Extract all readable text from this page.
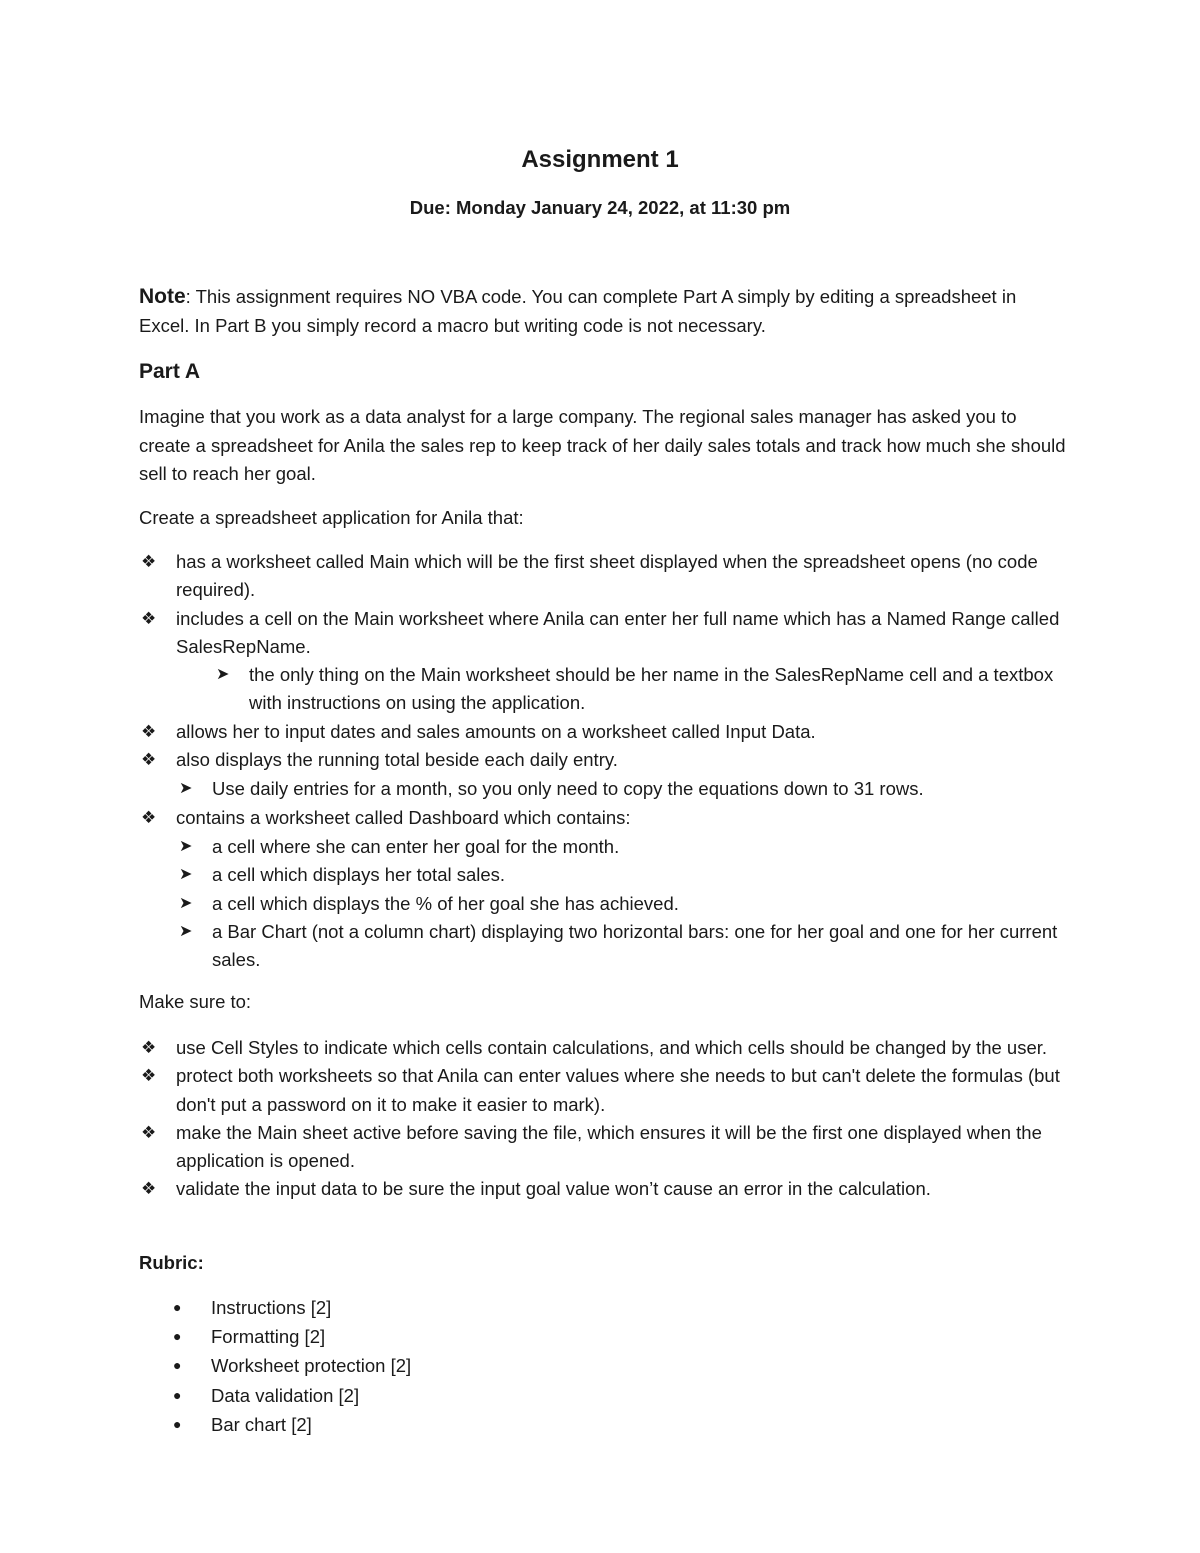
Assignment 1

Due: Monday January 24, 2022, at 11:30 pm

Note: This assignment requires NO VBA code. You can complete Part A simply by editing a spreadsheet in Excel. In Part B you simply record a macro but writing code is not necessary.

Part A

Imagine that you work as a data analyst for a large company. The regional sales manager has asked you to create a spreadsheet for Anila the sales rep to keep track of her daily sales totals and track how much she should sell to reach her goal.

Create a spreadsheet application for Anila that:

❖	has a worksheet called Main which will be the first sheet displayed when the spreadsheet opens (no code required).
❖	includes a cell on the Main worksheet where Anila can enter her full name which has a Named Range called SalesRepName.
➤	the only thing on the Main worksheet should be her name in the SalesRepName cell and a textbox with instructions on using the application.
❖	allows her to input dates and sales amounts on a worksheet called Input Data.
❖	also displays the running total beside each daily entry.
➤	Use daily entries for a month, so you only need to copy the equations down to 31 rows.
❖	contains a worksheet called Dashboard which contains:
➤	a cell where she can enter her goal for the month.
➤	a cell which displays her total sales.
➤	a cell which displays the % of her goal she has achieved.
➤	a Bar Chart (not a column chart) displaying two horizontal bars: one for her goal and one for her current sales.

Make sure to:

❖	use Cell Styles to indicate which cells contain calculations, and which cells should be changed by the user.
❖	protect both worksheets so that Anila can enter values where she needs to but can't delete the formulas (but don't put a password on it to make it easier to mark).
❖	make the Main sheet active before saving the file, which ensures it will be the first one displayed when the application is opened.
❖	validate the input data to be sure the input goal value won’t cause an error in the calculation.

Rubric:

●	Instructions [2]
●	Formatting [2]
●	Worksheet protection [2]
●	Data validation [2]
●	Bar chart [2]
